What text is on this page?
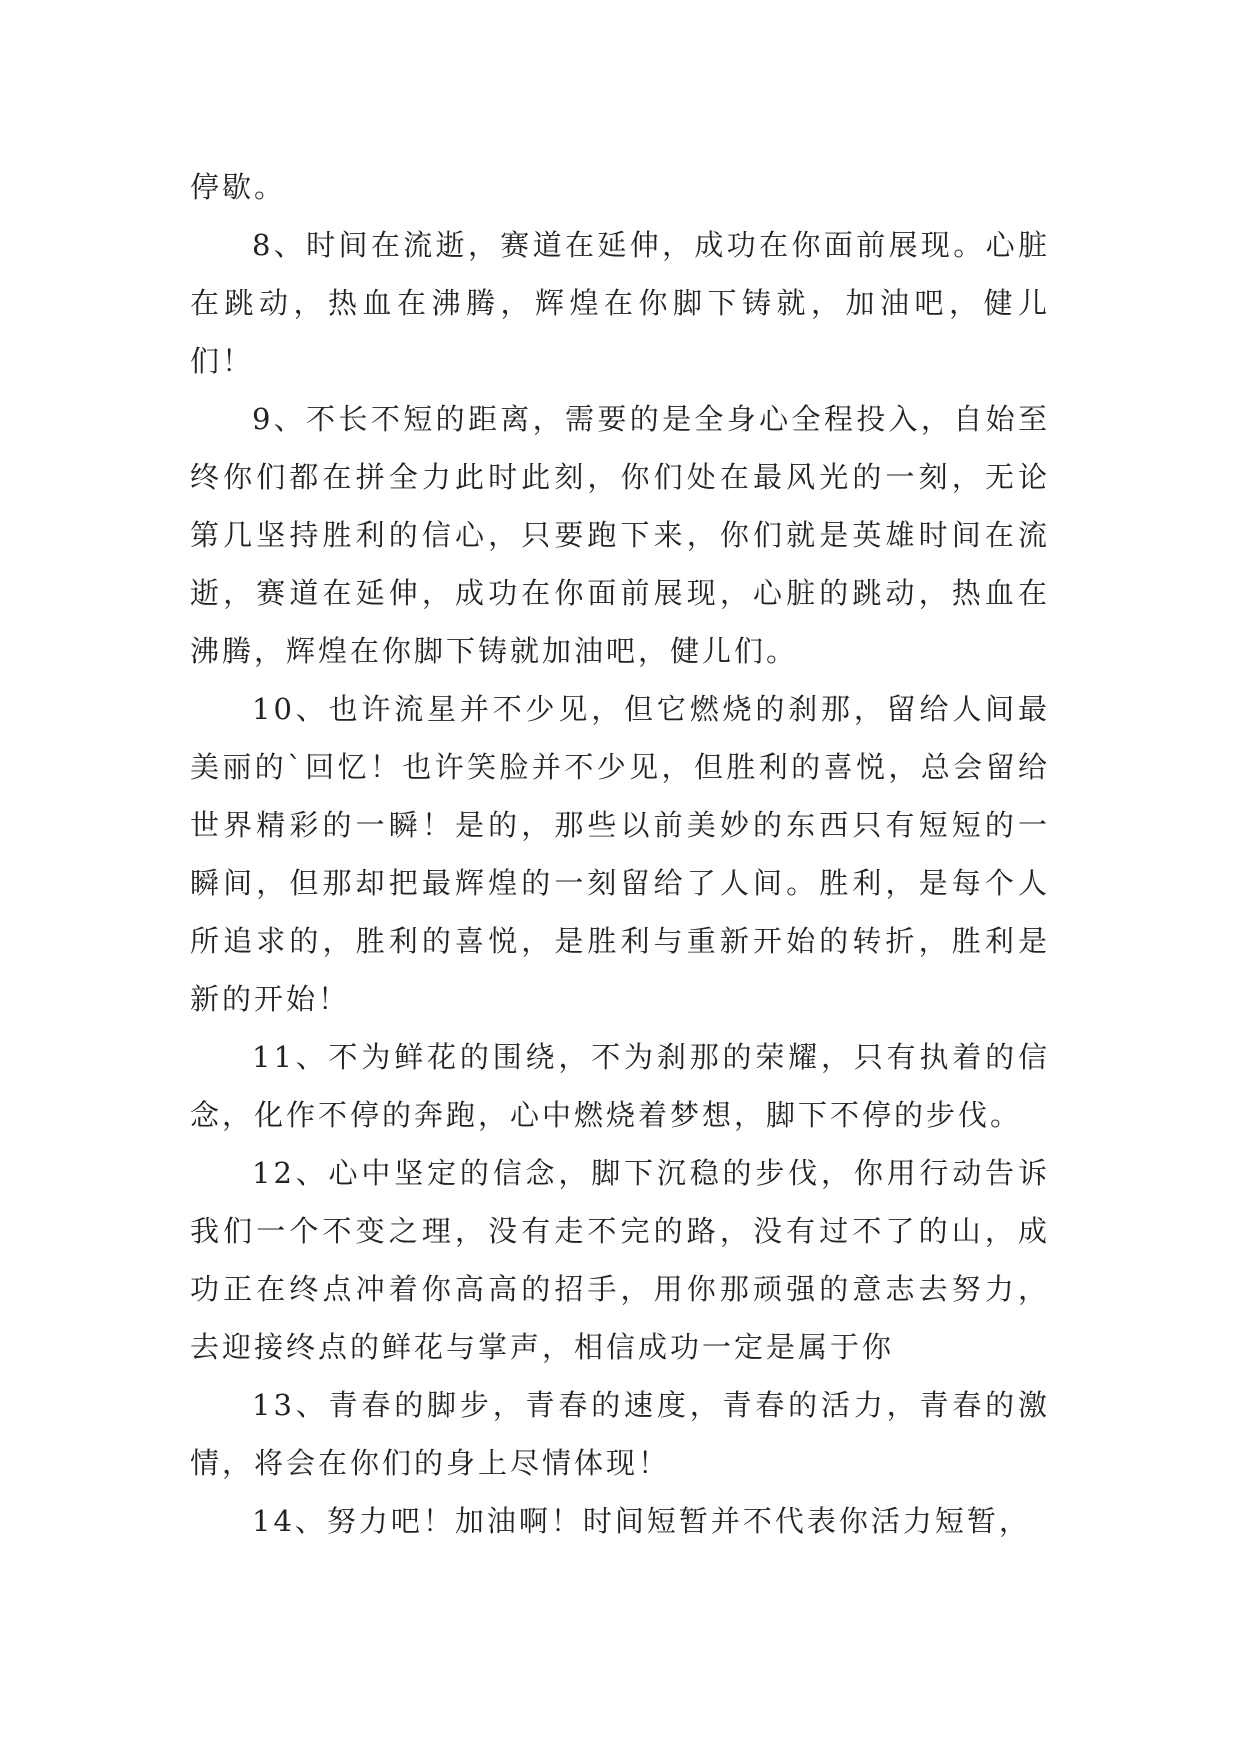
停歇。

8、时间在流逝，赛道在延伸，成功在你面前展现。心脏在跳动，热血在沸腾，辉煌在你脚下铸就，加油吧，健儿们！

9、不长不短的距离，需要的是全身心全程投入，自始至终你们都在拼全力此时此刻，你们处在最风光的一刻，无论第几坚持胜利的信心，只要跑下来，你们就是英雄时间在流逝，赛道在延伸，成功在你面前展现，心脏的跳动，热血在沸腾，辉煌在你脚下铸就加油吧，健儿们。

10、也许流星并不少见，但它燃烧的刹那，留给人间最美丽的`回忆！也许笑脸并不少见，但胜利的喜悦，总会留给世界精彩的一瞬！是的，那些以前美妙的东西只有短短的一瞬间，但那却把最辉煌的一刻留给了人间。胜利，是每个人所追求的，胜利的喜悦，是胜利与重新开始的转折，胜利是新的开始！

11、不为鲜花的围绕，不为刹那的荣耀，只有执着的信念，化作不停的奔跑，心中燃烧着梦想，脚下不停的步伐。

12、心中坚定的信念，脚下沉稳的步伐，你用行动告诉我们一个不变之理，没有走不完的路，没有过不了的山，成功正在终点冲着你高高的招手，用你那顽强的意志去努力，去迎接终点的鲜花与掌声，相信成功一定是属于你

13、青春的脚步，青春的速度，青春的活力，青春的激情，将会在你们的身上尽情体现！

14、努力吧！加油啊！时间短暂并不代表你活力短暂，
